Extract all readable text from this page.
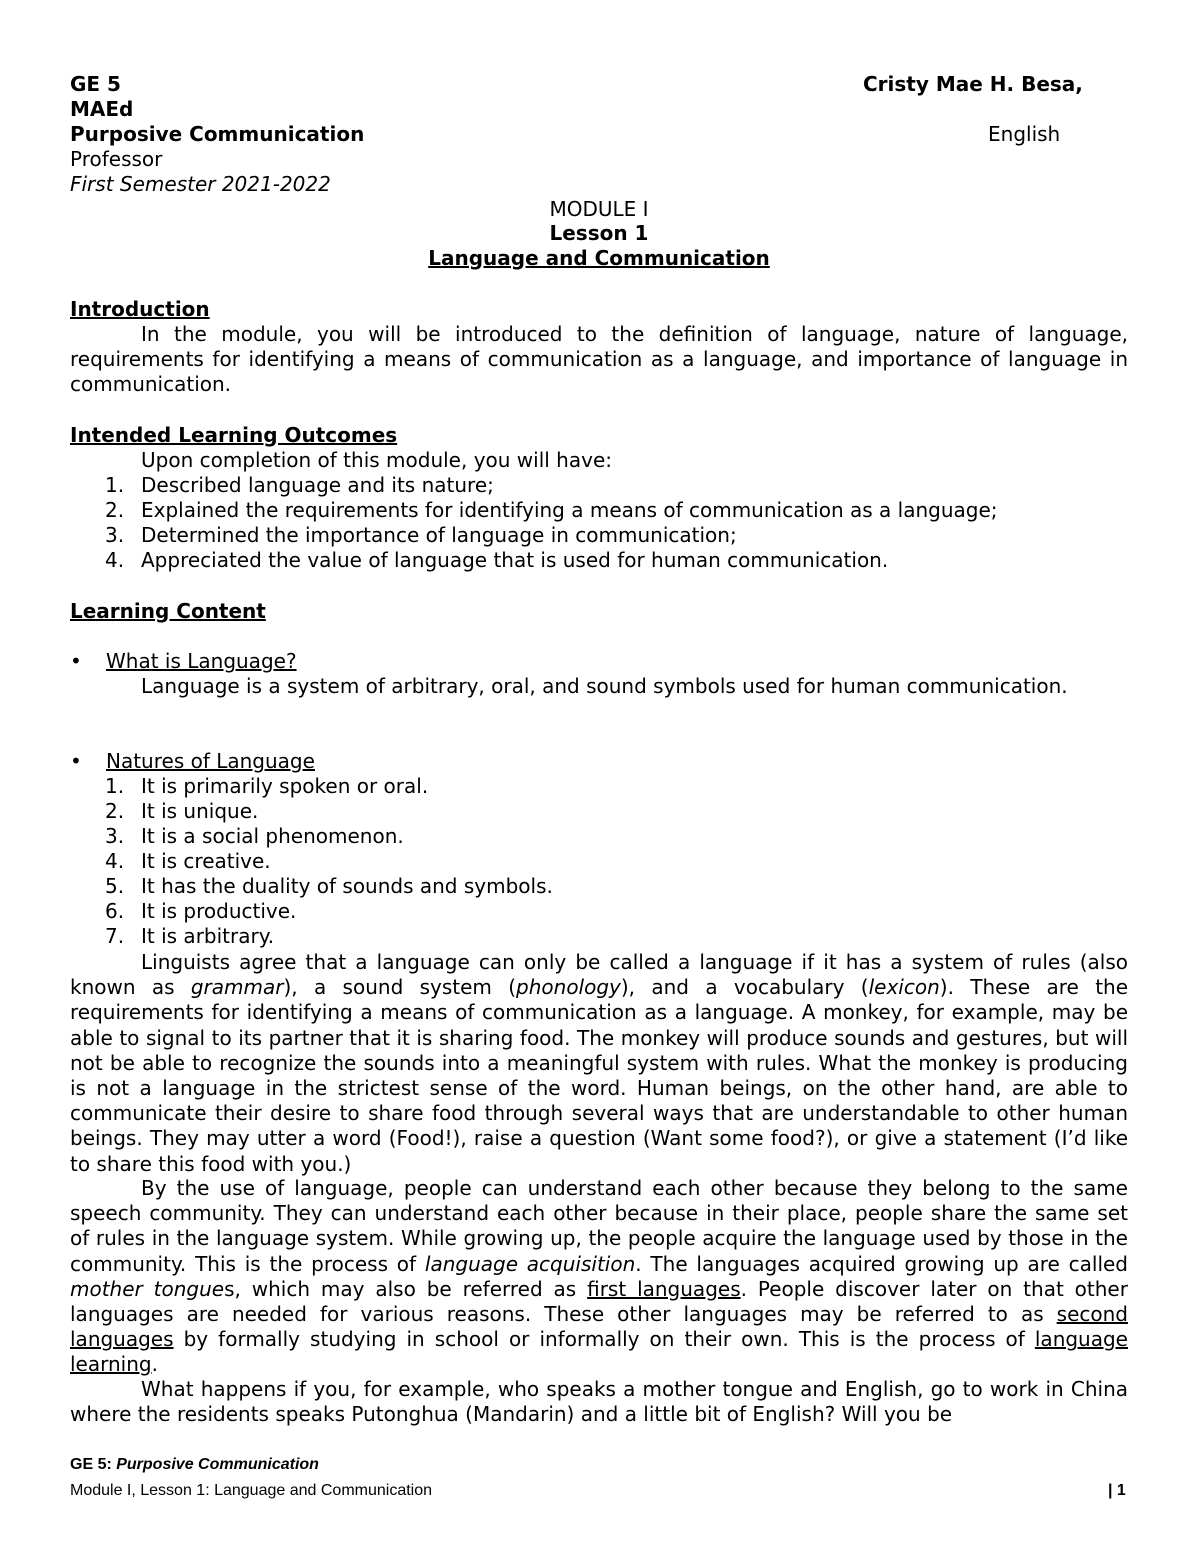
GE 5	Cristy Mae H. Besa,
MAEd
Purposive Communication	English
Professor
First Semester 2021-2022
MODULE I
Lesson 1
Language and Communication
Introduction
In the module, you will be introduced to the definition of language, nature of language, requirements for identifying a means of communication as a language, and importance of language in communication.
Intended Learning Outcomes
Upon completion of this module, you will have:
1. Described language and its nature;
2. Explained the requirements for identifying a means of communication as a language;
3. Determined the importance of language in communication;
4. Appreciated the value of language that is used for human communication.
Learning Content
• What is Language?
Language is a system of arbitrary, oral, and sound symbols used for human communication.
• Natures of Language
1. It is primarily spoken or oral.
2. It is unique.
3. It is a social phenomenon.
4. It is creative.
5. It has the duality of sounds and symbols.
6. It is productive.
7. It is arbitrary.
Linguists agree that a language can only be called a language if it has a system of rules (also known as grammar), a sound system (phonology), and a vocabulary (lexicon). These are the requirements for identifying a means of communication as a language. A monkey, for example, may be able to signal to its partner that it is sharing food. The monkey will produce sounds and gestures, but will not be able to recognize the sounds into a meaningful system with rules. What the monkey is producing is not a language in the strictest sense of the word. Human beings, on the other hand, are able to communicate their desire to share food through several ways that are understandable to other human beings. They may utter a word (Food!), raise a question (Want some food?), or give a statement (I’d like to share this food with you.)
By the use of language, people can understand each other because they belong to the same speech community. They can understand each other because in their place, people share the same set of rules in the language system. While growing up, the people acquire the language used by those in the community. This is the process of language acquisition. The languages acquired growing up are called mother tongues, which may also be referred as first languages. People discover later on that other languages are needed for various reasons. These other languages may be referred to as second languages by formally studying in school or informally on their own. This is the process of language learning.
What happens if you, for example, who speaks a mother tongue and English, go to work in China where the residents speaks Putonghua (Mandarin) and a little bit of English? Will you be
GE 5: Purposive Communication
Module I, Lesson 1: Language and Communication	| 1
